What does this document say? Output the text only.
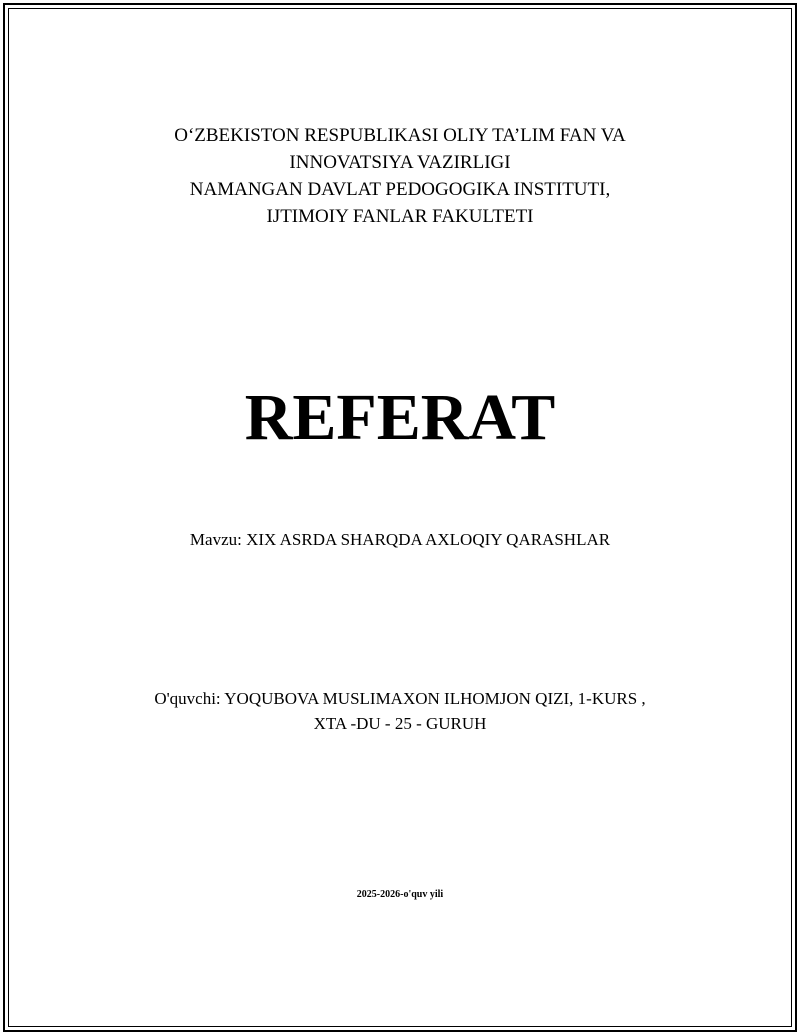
O‘ZBEKISTON RESPUBLIKASI OLIY TA’LIM FAN VA
INNOVATSIYA VAZIRLIGI
NAMANGAN DAVLAT PEDOGOGIKA INSTITUTI,
IJTIMOIY FANLAR FAKULTETI
REFERAT
Mavzu: XIX ASRDA SHARQDA AXLOQIY QARASHLAR
O'quvchi: YOQUBOVA MUSLIMAXON ILHOMJON QIZI, 1-KURS ,
XTA -DU - 25 - GURUH
2025-2026-o'quv yili
